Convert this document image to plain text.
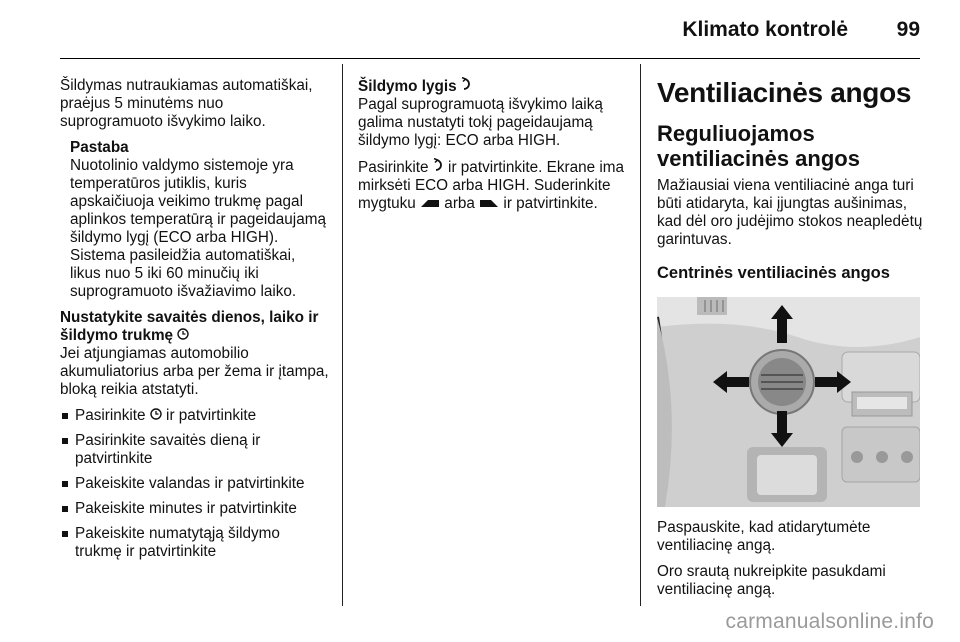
Klimato kontrolė 99

Šildymas nutraukiamas automatiškai, praėjus 5 minutėms nuo suprogramuoto išvykimo laiko.

Pastaba

Nuotolinio valdymo sistemoje yra temperatūros jutiklis, kuris apskaičiuoja veikimo trukmę pagal aplinkos temperatūrą ir pageidaujamą šildymo lygį (ECO arba HIGH). Sistema pasileidžia automatiškai, likus nuo 5 iki 60 minučių iki suprogramuoto išvažiavimo laiko.

Nustatykite savaitės dienos, laiko ir šildymo trukmę

Jei atjungiamas automobilio akumuliatorius arba per žema ir įtampa, bloką reikia atstatyti.

Pasirinkite  ir patvirtinkite
Pasirinkite savaitės dieną ir patvirtinkite
Pakeiskite valandas ir patvirtinkite
Pakeiskite minutes ir patvirtinkite
Pakeiskite numatytąją šildymo trukmę ir patvirtinkite
Šildymo lygis

Pagal suprogramuotą išvykimo laiką galima nustatyti tokį pageidaujamą šildymo lygį: ECO arba HIGH.

Pasirinkite  ir patvirtinkite. Ekrane ima mirksėti ECO arba HIGH. Suderinkite mygtuku  arba  ir patvirtinkite.

Ventiliacinės angos
Reguliuojamos ventiliacinės angos

Mažiausiai viena ventiliacinė anga turi būti atidaryta, kai įjungtas aušinimas, kad dėl oro judėjimo stokos neapledėtų garintuvas.

Centrinės ventiliacinės angos

Paspauskite, kad atidarytumėte ventiliacinę angą.

Oro srautą nukreipkite pasukdami ventiliacinę angą.

carmanualsonline.info
